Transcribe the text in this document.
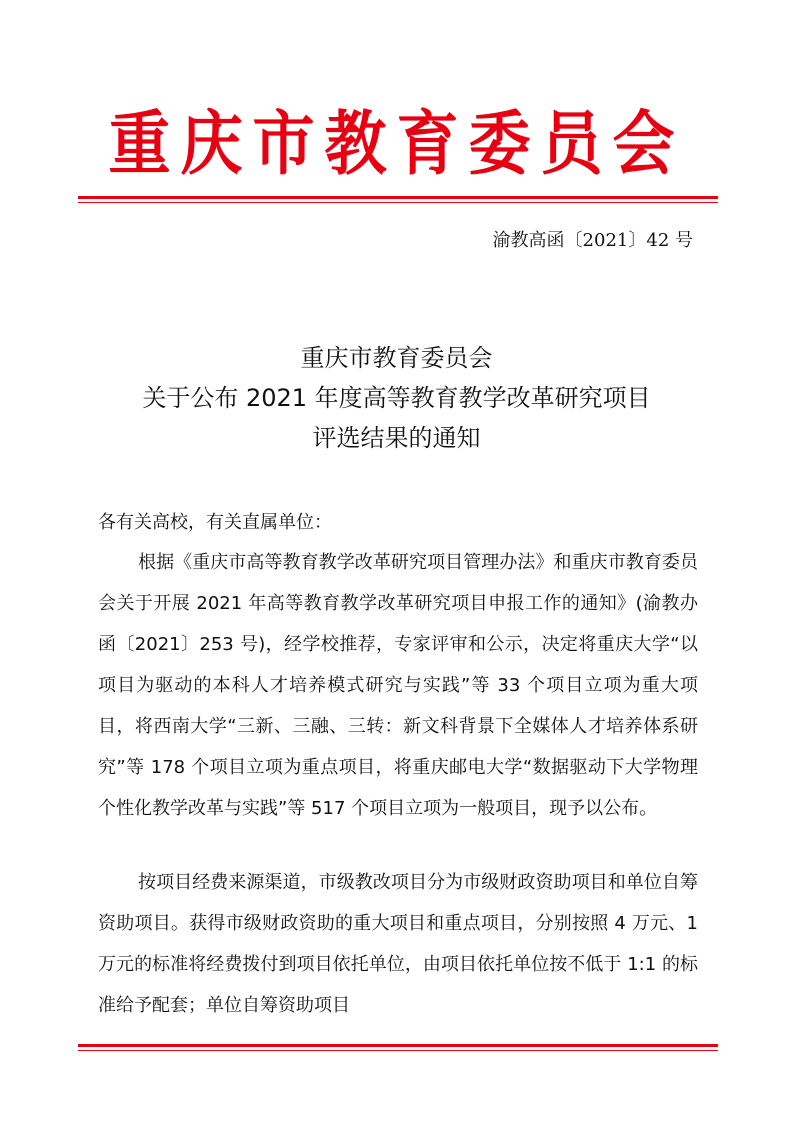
重庆市教育委员会
渝教高函〔2021〕42 号
重庆市教育委员会
关于公布 2021 年度高等教育教学改革研究项目
评选结果的通知
各有关高校，有关直属单位：
根据《重庆市高等教育教学改革研究项目管理办法》和重庆市教育委员会关于开展 2021 年高等教育教学改革研究项目申报工作的通知》(渝教办函〔2021〕253 号)，经学校推荐，专家评审和公示，决定将重庆大学“以项目为驱动的本科人才培养模式研究与实践”等 33 个项目立项为重大项目，将西南大学“三新、三融、三转：新文科背景下全媒体人才培养体系研究”等 178 个项目立项为重点项目，将重庆邮电大学“数据驱动下大学物理个性化教学改革与实践”等 517 个项目立项为一般项目，现予以公布。
按项目经费来源渠道，市级教改项目分为市级财政资助项目和单位自筹资助项目。获得市级财政资助的重大项目和重点项目，分别按照 4 万元、1 万元的标准将经费拨付到项目依托单位，由项目依托单位按不低于 1:1 的标准给予配套；单位自筹资助项目
